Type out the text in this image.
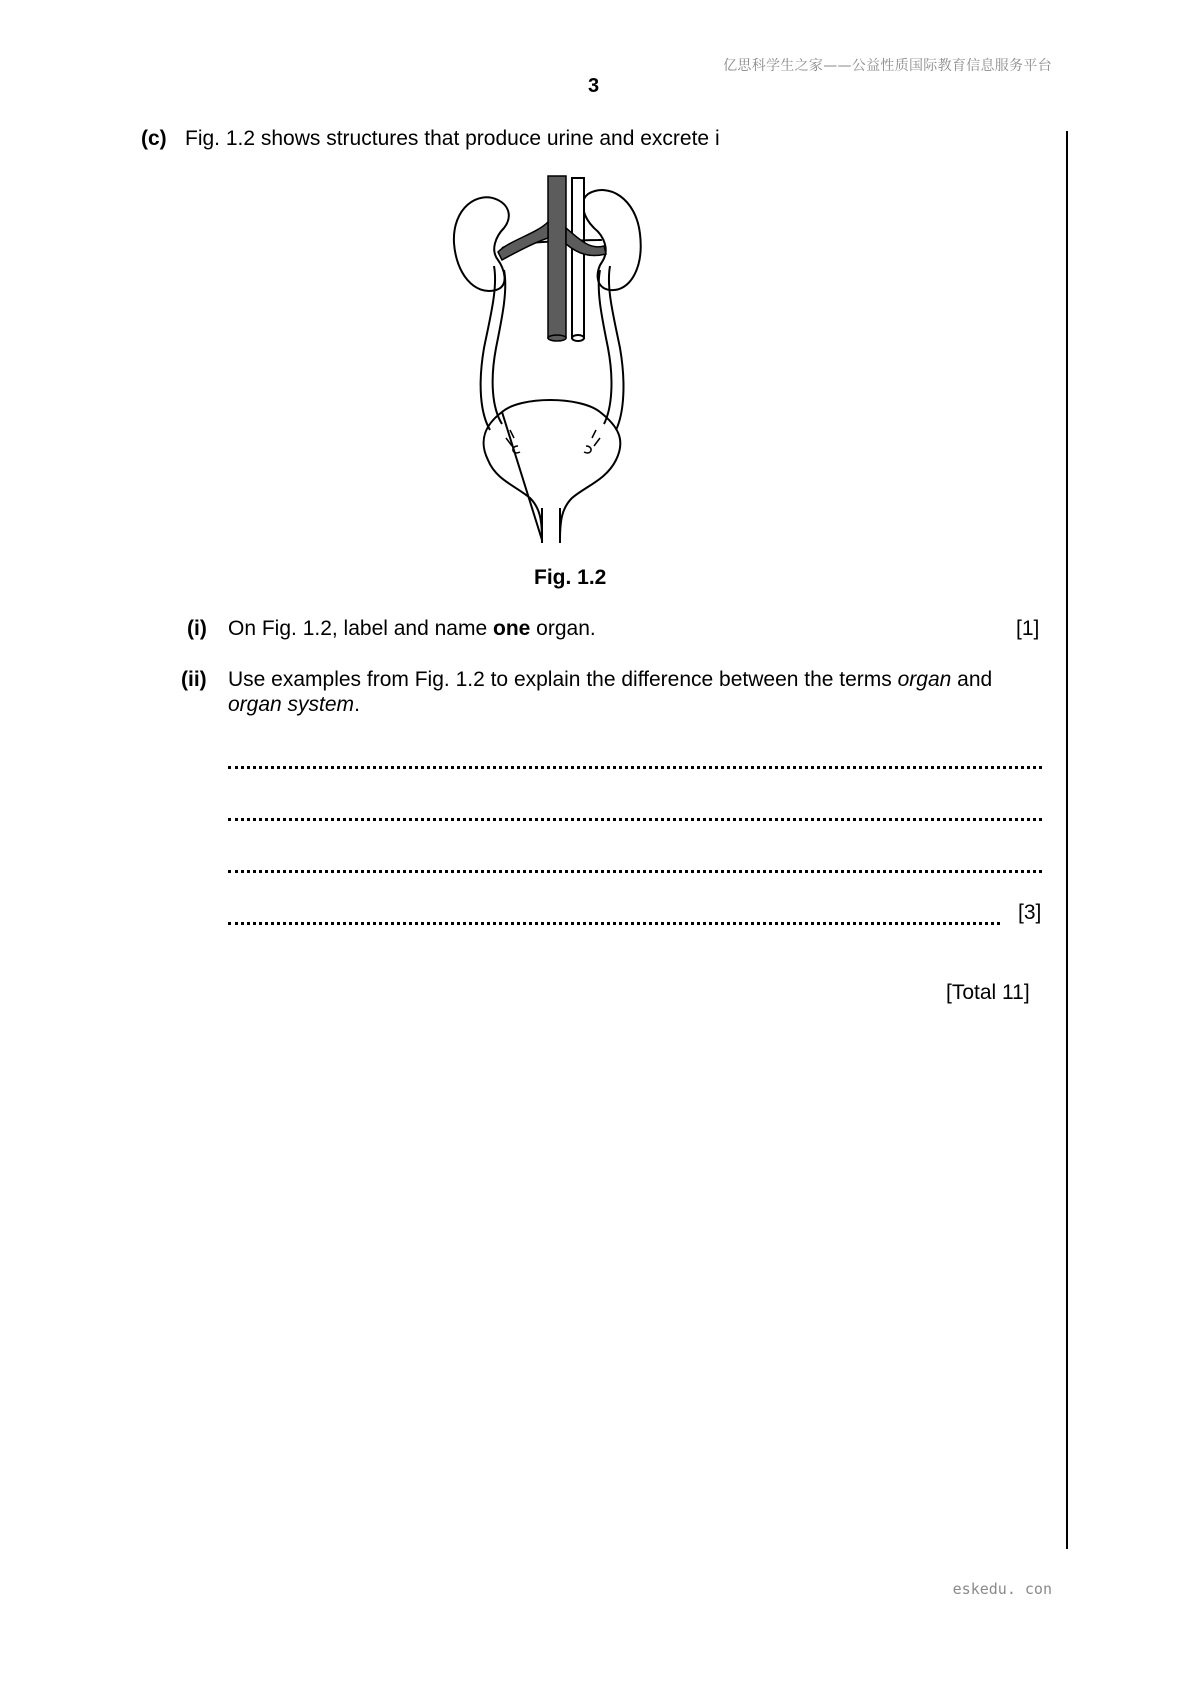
亿思科学生之家——公益性质国际教育信息服务平台
3
(c) Fig. 1.2 shows structures that produce urine and excrete i
Fig. 1.2
(i) On Fig. 1.2, label and name one organ.	[1]
(ii) Use examples from Fig. 1.2 to explain the difference between the terms organ and
organ system.
[3]
[Total 11]
eskedu. con
